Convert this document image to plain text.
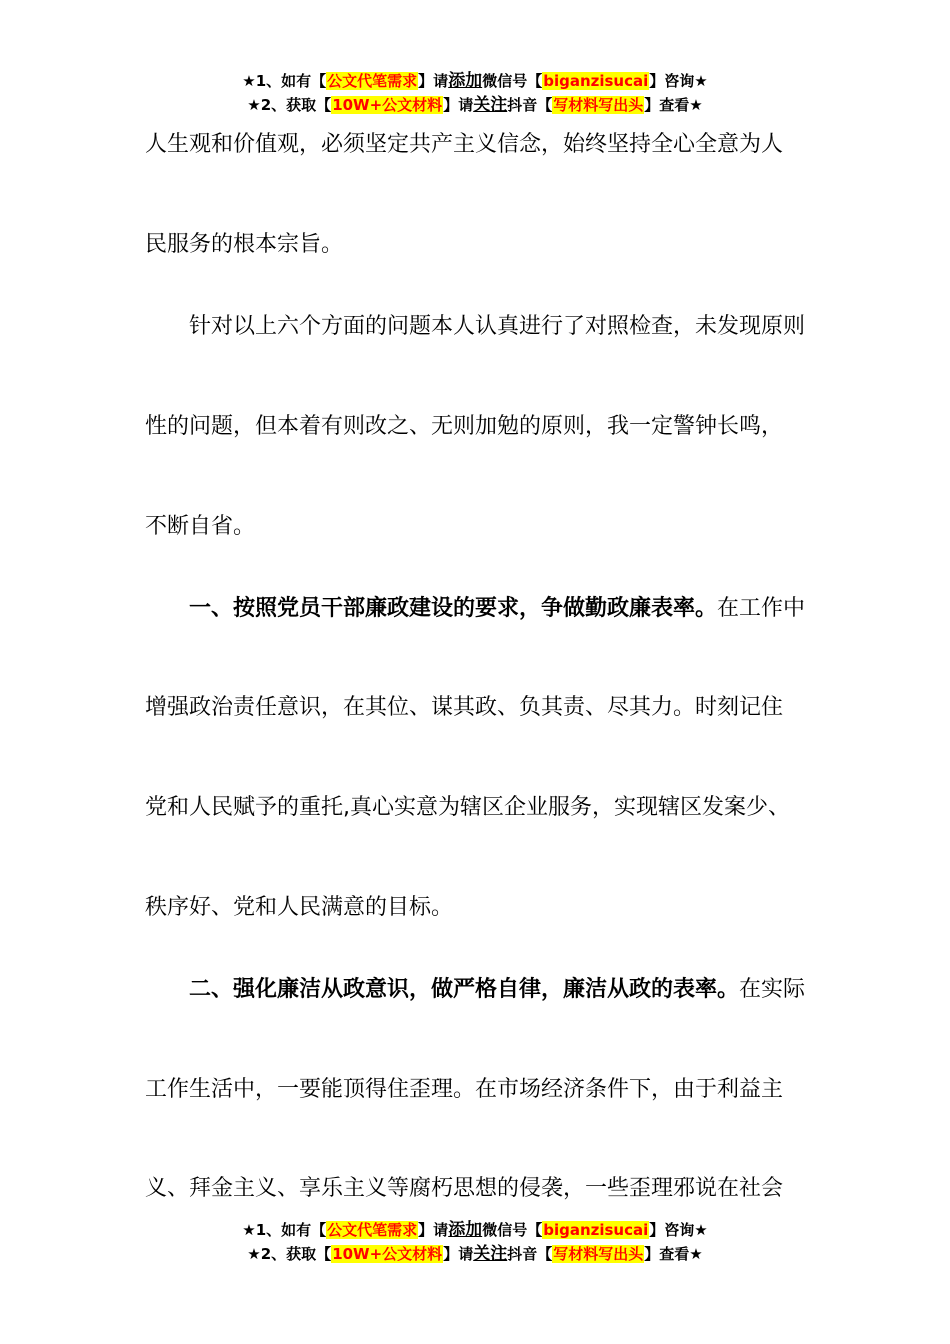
★1、如有【公文代笔需求】请添加微信号【biganzisucai】咨询★
★2、获取【10W+公文材料】请关注抖音【写材料写出头】查看★
人生观和价值观，必须坚定共产主义信念，始终坚持全心全意为人
民服务的根本宗旨。
　　针对以上六个方面的问题本人认真进行了对照检查，未发现原则
性的问题，但本着有则改之、无则加勉的原则，我一定警钟长鸣，
不断自省。
　　一、按照党员干部廉政建设的要求，争做勤政廉表率。在工作中
增强政治责任意识，在其位、谋其政、负其责、尽其力。时刻记住
党和人民赋予的重托,真心实意为辖区企业服务，实现辖区发案少、
秩序好、党和人民满意的目标。
　　二、强化廉洁从政意识，做严格自律，廉洁从政的表率。在实际
工作生活中，一要能顶得住歪理。在市场经济条件下，由于利益主
义、拜金主义、享乐主义等腐朽思想的侵袭，一些歪理邪说在社会
★1、如有【公文代笔需求】请添加微信号【biganzisucai】咨询★
★2、获取【10W+公文材料】请关注抖音【写材料写出头】查看★
